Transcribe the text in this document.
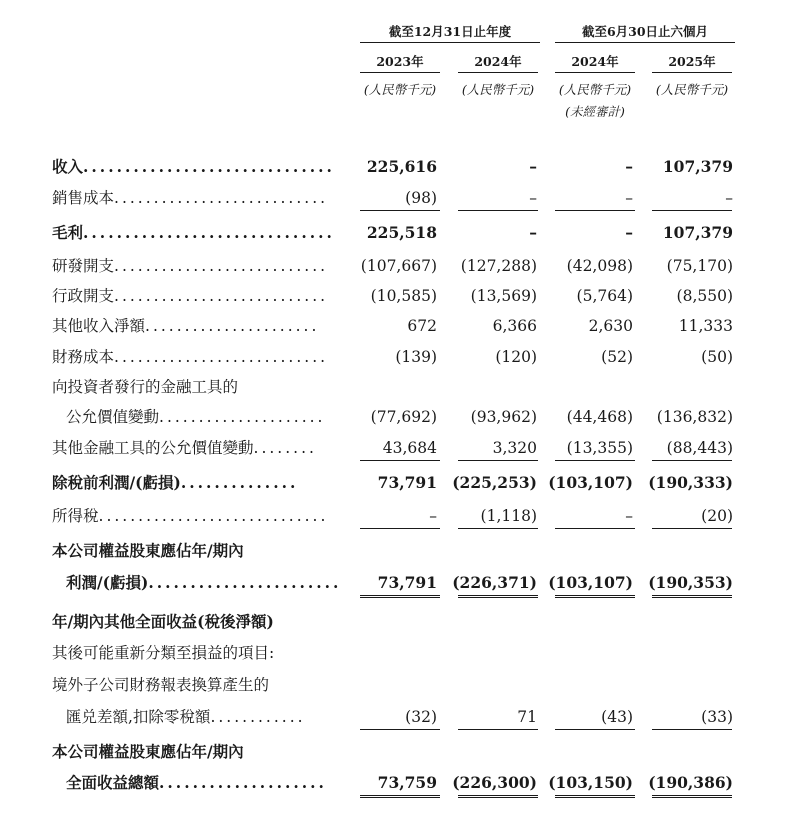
截至12月31日止年度	截至6月30日止六個月
2023年	2024年	2024年	2025年
(人民幣千元)	(人民幣千元)	(人民幣千元)	(人民幣千元)
(未經審計)
收入.............................. 225,616	–	– 107,379
銷售成本...........................	(98)	–	–	–
毛利.............................. 225,518	–	– 107,379
研發開支........................... (107,667) (127,288) (42,098) (75,170)
行政開支...........................	(10,585) (13,569)	(5,764)	(8,550)
其他收入淨額......................	672	6,366	2,630	11,333
財務成本...........................	(139)	(120)	(52)	(50)
向投資者發行的金融工具的
公允價值變動.....................	(77,692) (93,962) (44,468) (136,832)
其他金融工具的公允價值變動........	43,684	3,320 (13,355) (88,443)
除稅前利潤/(虧損)..............	73,791 (225,253) (103,107) (190,333)
所得稅.............................	–	(1,118)	–	(20)
本公司權益股東應佔年/期內
利潤/(虧損)....................... 73,791 (226,371) (103,107) (190,353)
年/期內其他全面收益(稅後淨額)
其後可能重新分類至損益的項目:
境外子公司財務報表換算產生的
匯兑差額,扣除零稅額............	(32)	71	(43)	(33)
本公司權益股東應佔年/期內
全面收益總額....................	73,759 (226,300) (103,150) (190,386)
